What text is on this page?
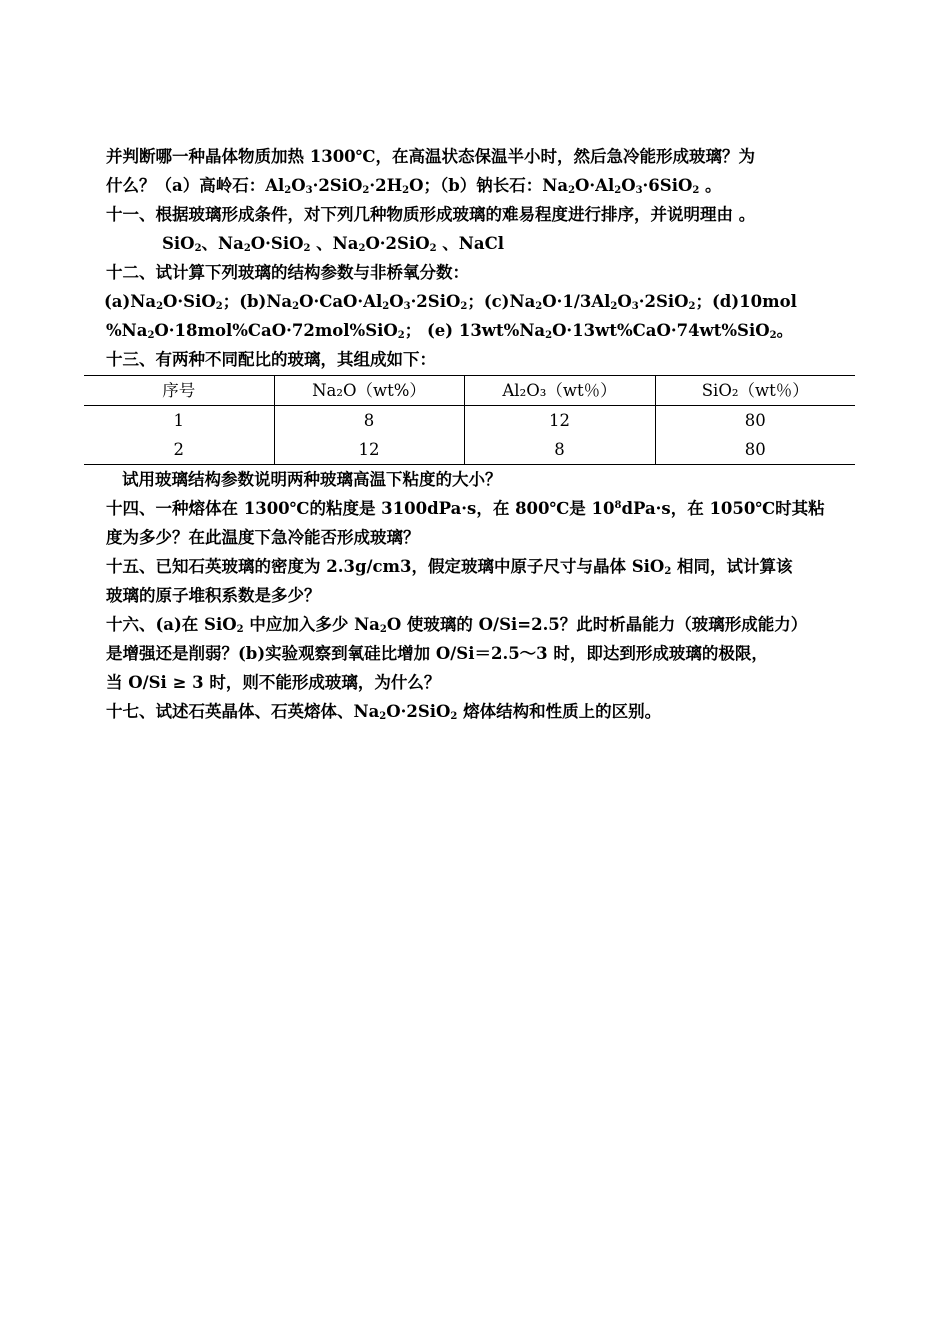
并判断哪一种晶体物质加热 1300℃，在高温状态保温半小时，然后急冷能形成玻璃？为
什么？（a）高岭石：$Al_2O_3\cdot 2SiO_2\cdot 2H_2O$；（b）钠长石：$Na_2O\cdot Al_2O_3\cdot 6SiO_2$ 。
十一、根据玻璃形成条件，对下列几种物质形成玻璃的难易程度进行排序，并说明理由 。
SiO$_2$、$Na_2O\cdot SiO_2$ 、$Na_2O\cdot 2SiO_2$ 、NaCl
十二、试计算下列玻璃的结构参数与非桥氧分数：
$(a)Na_2O\cdot SiO_2$；$(b)Na_2O\cdot CaO\cdot Al_2O_3\cdot 2SiO_2$；$(c)Na_2O\cdot 1/3Al_2O_3\cdot 2SiO_2$；(d)10mol
$\%Na_2O\cdot 18mol\%CaO\cdot 72mol\%SiO_2$； (e) $13wt\%Na_2O\cdot 13wt\%CaO\cdot 74wt\%SiO_2$。
十三、有两种不同配比的玻璃，其组成如下：
序号	Na₂O（wt%）	Al₂O₃（wt％）	SiO₂（wt％）
1	8	12	80
2	12	8	80
试用玻璃结构参数说明两种玻璃高温下粘度的大小？
十四、一种熔体在 1300℃的粘度是 3100dPa·s，在 800℃是 $10^8dPa\cdot s$，在 1050℃时其粘
度为多少？在此温度下急冷能否形成玻璃？
十五、已知石英玻璃的密度为 2.3g/cm3，假定玻璃中原子尺寸与晶体 SiO$_2$ 相同，试计算该
玻璃的原子堆积系数是多少？
十六、(a)在 SiO$_2$ 中应加入多少 $Na_2O$ 使玻璃的 O/Si=2.5？此时析晶能力（玻璃形成能力）
是增强还是削弱？(b)实验观察到氧硅比增加 O/Si＝2.5～3 时，即达到形成玻璃的极限，
当 O/Si ≥ 3 时，则不能形成玻璃，为什么？
十七、试述石英晶体、石英熔体、$Na_2O\cdot 2SiO_2$ 熔体结构和性质上的区别。
